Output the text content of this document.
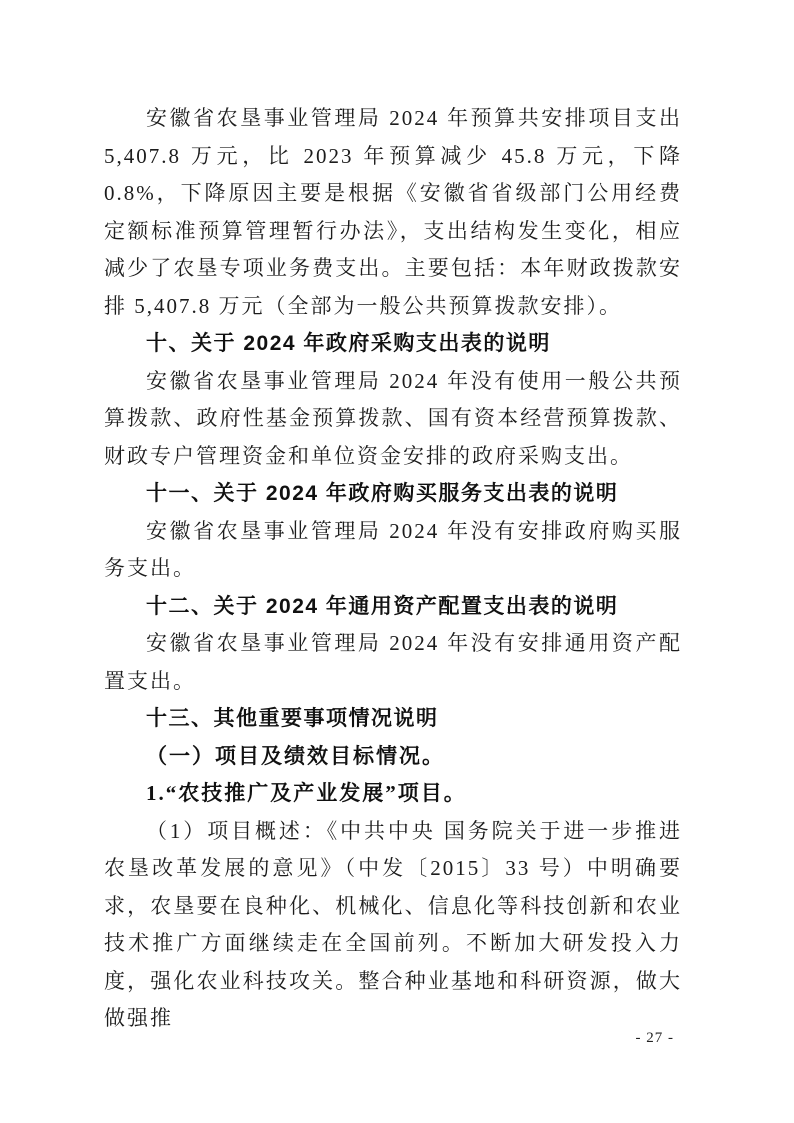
安徽省农垦事业管理局 2024 年预算共安排项目支出 5,407.8 万元，比 2023 年预算减少 45.8 万元，下降 0.8%，下降原因主要是根据《安徽省省级部门公用经费定额标准预算管理暂行办法》，支出结构发生变化，相应减少了农垦专项业务费支出。主要包括：本年财政拨款安排 5,407.8 万元（全部为一般公共预算拨款安排）。

十、关于 2024 年政府采购支出表的说明

安徽省农垦事业管理局 2024 年没有使用一般公共预算拨款、政府性基金预算拨款、国有资本经营预算拨款、财政专户管理资金和单位资金安排的政府采购支出。

十一、关于 2024 年政府购买服务支出表的说明

安徽省农垦事业管理局 2024 年没有安排政府购买服务支出。

十二、关于 2024 年通用资产配置支出表的说明

安徽省农垦事业管理局 2024 年没有安排通用资产配置支出。

十三、其他重要事项情况说明
（一）项目及绩效目标情况。
1.“农技推广及产业发展”项目。

（1）项目概述：《中共中央 国务院关于进一步推进农垦改革发展的意见》（中发〔2015〕33 号）中明确要求，农垦要在良种化、机械化、信息化等科技创新和农业技术推广方面继续走在全国前列。不断加大研发投入力度，强化农业科技攻关。整合种业基地和科研资源，做大做强推

- 27 -
